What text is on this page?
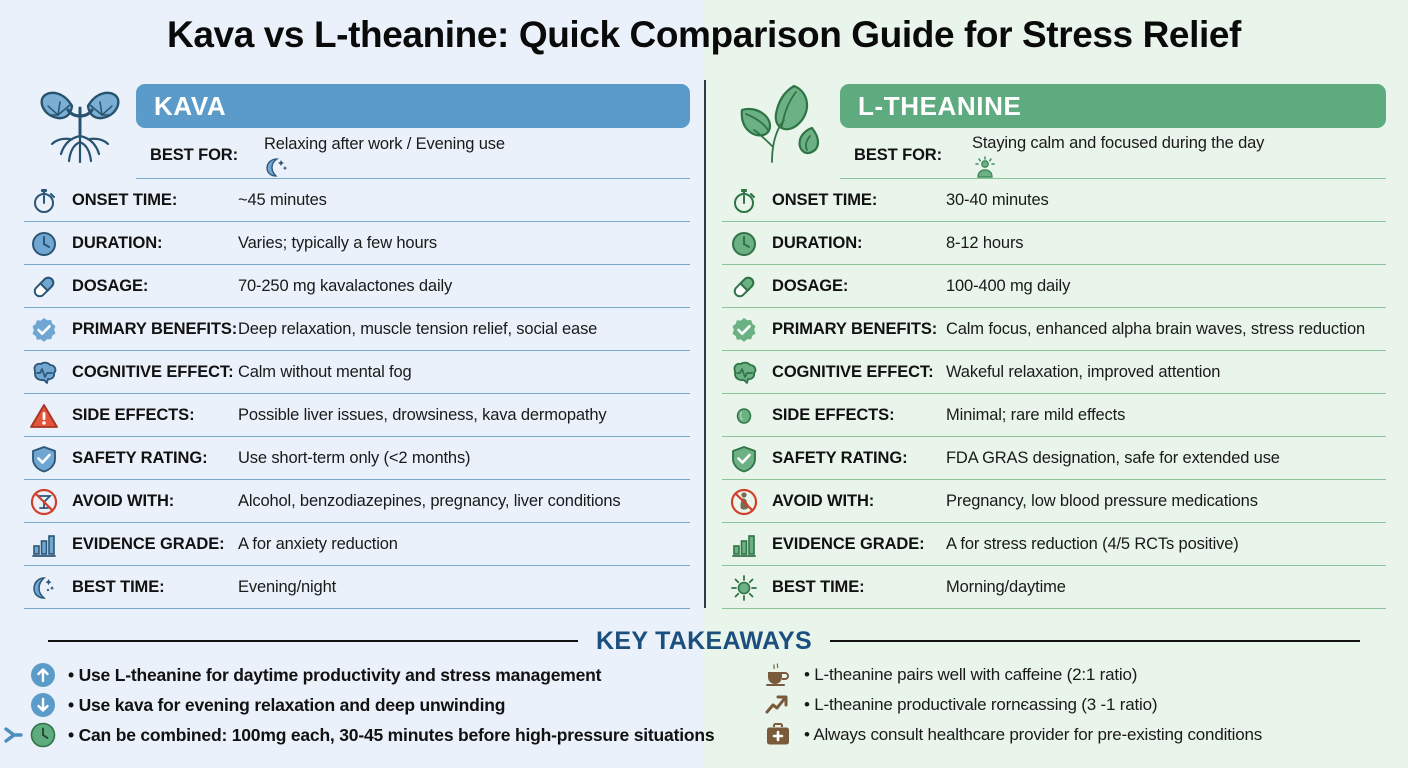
Kava vs L-theanine: Quick Comparison Guide for Stress Relief
KAVA
BEST FOR:
Relaxing after work / Evening use
ONSET TIME:	~45 minutes
DURATION:	Varies; typically a few hours
DOSAGE:	70-250 mg kavalactones daily
PRIMARY BENEFITS: Deep relaxation, muscle tension relief, social ease
COGNITIVE EFFECT: Calm without mental fog
SIDE EFFECTS:	Possible liver issues, drowsiness, kava dermopathy
SAFETY RATING:	Use short-term only (<2 months)
AVOID WITH:	Alcohol, benzodiazepines, pregnancy, liver conditions
EVIDENCE GRADE: A for anxiety reduction
BEST TIME:	Evening/night
L-THEANINE
BEST FOR:
Staying calm and focused during the day
ONSET TIME:	30-40 minutes
DURATION:	8-12 hours
DOSAGE:	100-400 mg daily
PRIMARY BENEFITS: Calm focus, enhanced alpha brain waves, stress reduction
COGNITIVE EFFECT: Wakeful relaxation, improved attention
SIDE EFFECTS:	Minimal; rare mild effects
SAFETY RATING:	FDA GRAS designation, safe for extended use
AVOID WITH:	Pregnancy, low blood pressure medications
EVIDENCE GRADE:	A for stress reduction (4/5 RCTs positive)
BEST TIME:	Morning/daytime
KEY TAKEAWAYS
• Use L-theanine for daytime productivity and stress management
• Use kava for evening relaxation and deep unwinding
• Can be combined: 100mg each, 30-45 minutes before high-pressure situations
• L-theanine pairs well with caffeine (2:1 ratio)
• L-theanine productivale rornєassing (3 -1 ratio)
• Always consult healthcare provider for pre-existing conditions
